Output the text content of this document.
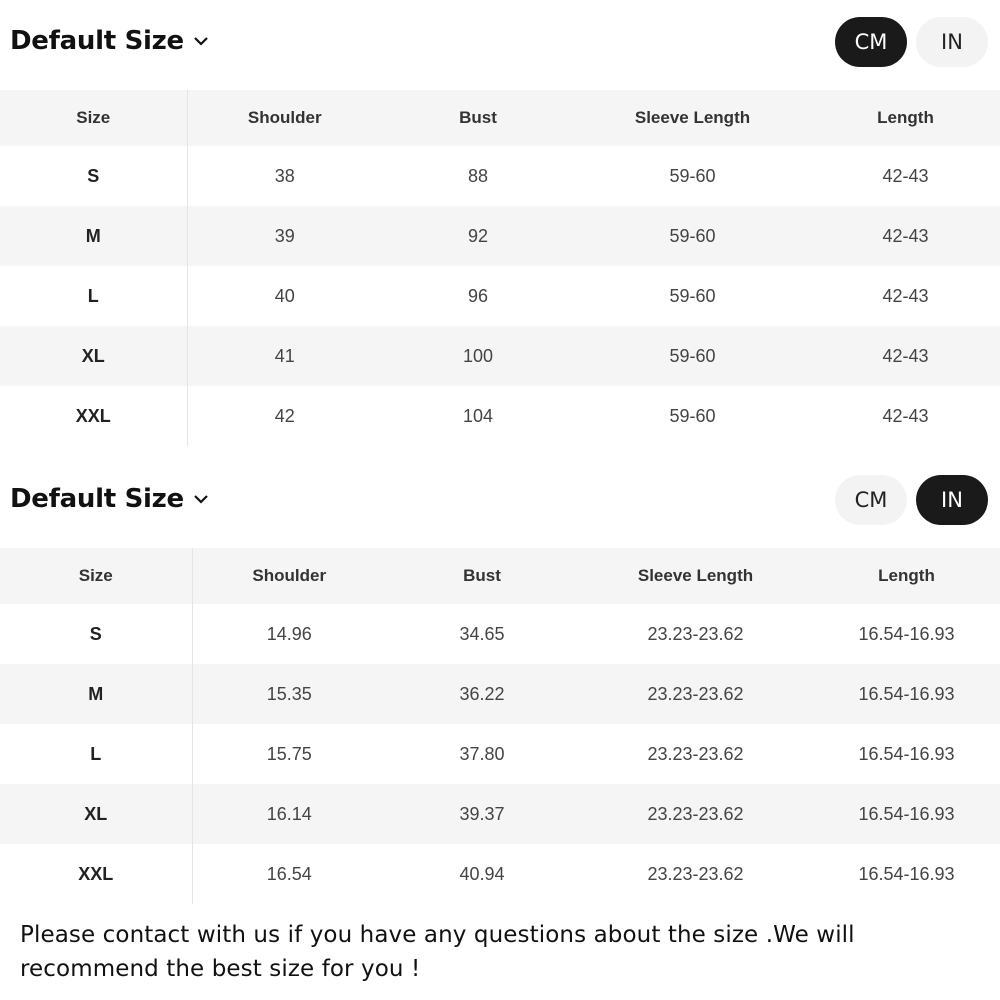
Default Size	CM	IN
Size	Shoulder	Bust	Sleeve Length	Length
S	38	88	59-60	42-43
M	39	92	59-60	42-43
L	40	96	59-60	42-43
XL	41	100	59-60	42-43
XXL	42	104	59-60	42-43
Default Size	CM	IN
Size	Shoulder	Bust	Sleeve Length	Length
S	14.96	34.65	23.23-23.62	16.54-16.93
M	15.35	36.22	23.23-23.62	16.54-16.93
L	15.75	37.80	23.23-23.62	16.54-16.93
XL	16.14	39.37	23.23-23.62	16.54-16.93
XXL	16.54	40.94	23.23-23.62	16.54-16.93
Please contact with us if you have any questions about the size .We will recommend the best size for you !
